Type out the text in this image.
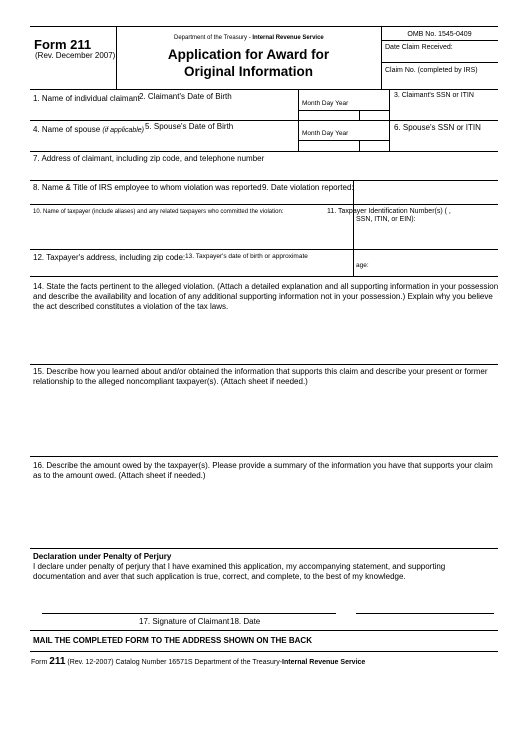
Form 211
(Rev. December 2007)
Department of the Treasury - Internal Revenue Service
Application for Award for
Original Information
OMB No. 1545-0409
Date Claim Received:
Claim No. (completed by IRS)
1. Name of individual claimant 2. Claimant's Date of Birth
Month Day Year
3. Claimant's SSN or ITIN
4. Name of spouse (if applicable) 5. Spouse's Date of Birth
Month Day Year
6. Spouse's SSN or ITIN
7. Address of claimant, including zip code, and telephone number
8. Name & Title of IRS employee to whom violation was reported 9. Date violation reported:
10. Name of taxpayer (include aliases) and any related taxpayers who committed the violation:	11. Taxpayer Identification Number(s) ( ,
SSN, ITIN, or EIN):
12. Taxpayer's address, including zip code: 13. Taxpayer's date of birth or approximate
age:
14. State the facts pertinent to the alleged violation. (Attach a detailed explanation and all supporting information in your possession and describe the availability and location of any additional supporting information not in your possession.) Explain why you believe the act described constitutes a violation of the tax laws.
15. Describe how you learned about and/or obtained the information that supports this claim and describe your present or former relationship to the alleged noncompliant taxpayer(s). (Attach sheet if needed.)
16. Describe the amount owed by the taxpayer(s). Please provide a summary of the information you have that supports your claim as to the amount owed. (Attach sheet if needed.)
Declaration under Penalty of Perjury
I declare under penalty of perjury that I have examined this application, my accompanying statement, and supporting documentation and aver that such application is true, correct, and complete, to the best of my knowledge.
17. Signature of Claimant 18. Date
MAIL THE COMPLETED FORM TO THE ADDRESS SHOWN ON THE BACK
Form 211 (Rev. 12-2007) Catalog Number 16571S Department of the Treasury-Internal Revenue Service
